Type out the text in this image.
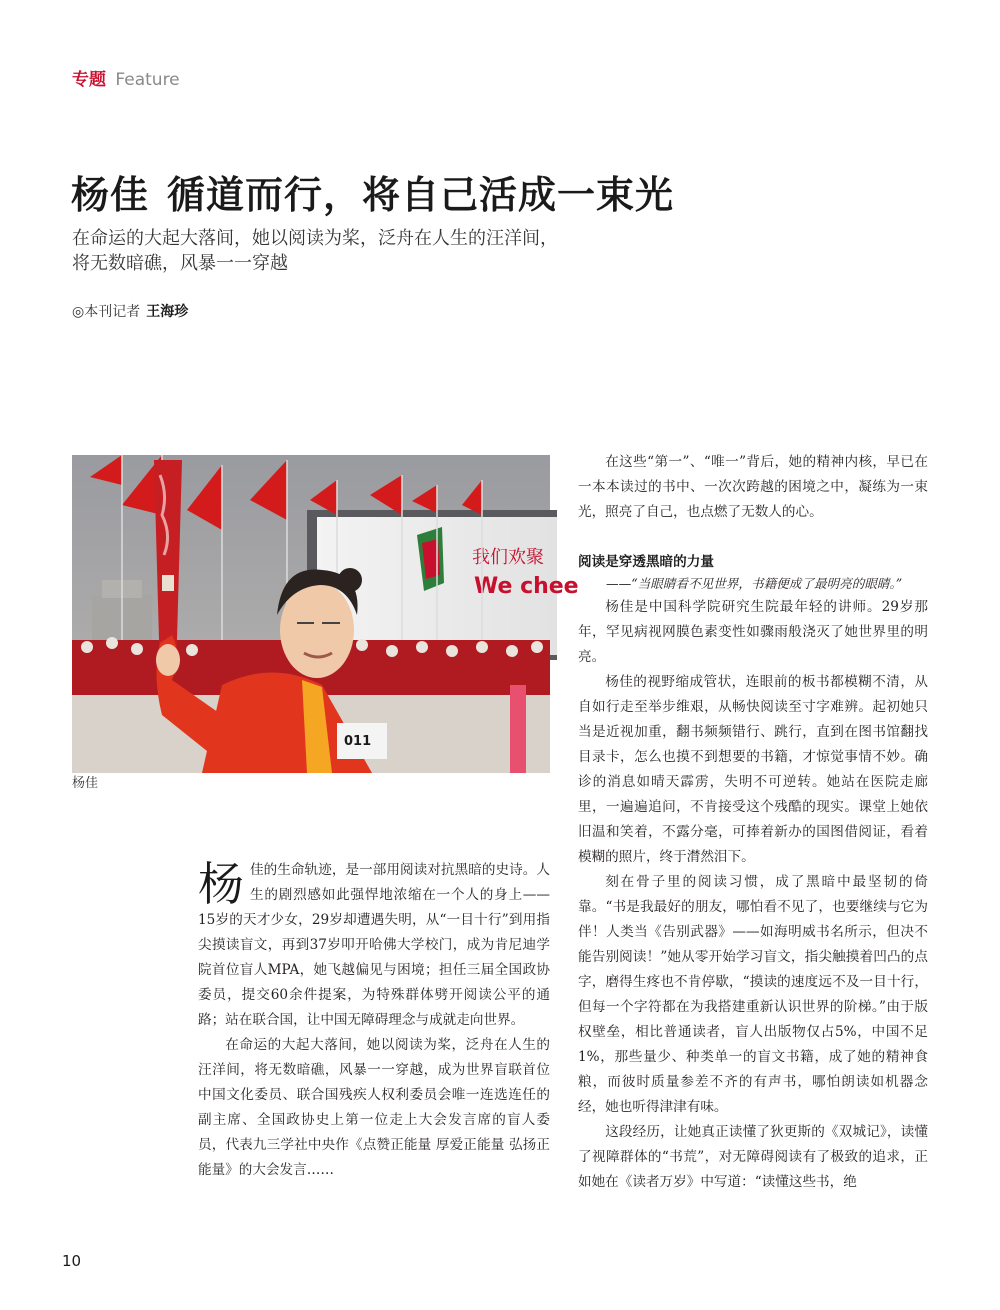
专题 Feature
杨佳 循道而行，将自己活成一束光
在命运的大起大落间，她以阅读为桨，泛舟在人生的汪洋间，
将无数暗礁，风暴一一穿越
◎本刊记者 王海珍
我们欢聚
We chee
011
杨佳

杨佳的生命轨迹，是一部用阅读对抗黑暗的史诗。人生的剧烈感如此强悍地浓缩在一个人的身上——15岁的天才少女，29岁却遭遇失明，从“一目十行”到用指尖摸读盲文，再到37岁叩开哈佛大学校门，成为肯尼迪学院首位盲人MPA，她飞越偏见与困境；担任三届全国政协委员，提交60余件提案，为特殊群体劈开阅读公平的通路；站在联合国，让中国无障碍理念与成就走向世界。

在命运的大起大落间，她以阅读为桨，泛舟在人生的汪洋间，将无数暗礁，风暴一一穿越，成为世界盲联首位中国文化委员、联合国残疾人权利委员会唯一连选连任的副主席、全国政协史上第一位走上大会发言席的盲人委员，代表九三学社中央作《点赞正能量 厚爱正能量 弘扬正能量》的大会发言……

在这些“第一”、“唯一”背后，她的精神内核，早已在一本本读过的书中、一次次跨越的困境之中，凝练为一束光，照亮了自己，也点燃了无数人的心。

阅读是穿透黑暗的力量

——“当眼睛看不见世界，书籍便成了最明亮的眼睛。”

杨佳是中国科学院研究生院最年轻的讲师。29岁那年，罕见病视网膜色素变性如骤雨般浇灭了她世界里的明亮。

杨佳的视野缩成管状，连眼前的板书都模糊不清，从自如行走至举步维艰，从畅快阅读至寸字难辨。起初她只当是近视加重，翻书频频错行、跳行，直到在图书馆翻找目录卡，怎么也摸不到想要的书籍，才惊觉事情不妙。确诊的消息如晴天霹雳，失明不可逆转。她站在医院走廊里，一遍遍追问，不肯接受这个残酷的现实。课堂上她依旧温和笑着，不露分毫，可捧着新办的国图借阅证，看着模糊的照片，终于潸然泪下。

刻在骨子里的阅读习惯，成了黑暗中最坚韧的倚靠。“书是我最好的朋友，哪怕看不见了，也要继续与它为伴！人类当《告别武器》——如海明威书名所示，但决不能告别阅读！”她从零开始学习盲文，指尖触摸着凹凸的点字，磨得生疼也不肯停歇，“摸读的速度远不及一目十行，但每一个字符都在为我搭建重新认识世界的阶梯。”由于版权壁垒，相比普通读者，盲人出版物仅占5%，中国不足1%，那些量少、种类单一的盲文书籍，成了她的精神食粮，而彼时质量参差不齐的有声书，哪怕朗读如机器念经，她也听得津津有味。

这段经历，让她真正读懂了狄更斯的《双城记》，读懂了视障群体的“书荒”，对无障碍阅读有了极致的追求，正如她在《读者万岁》中写道：“读懂这些书，绝

10
